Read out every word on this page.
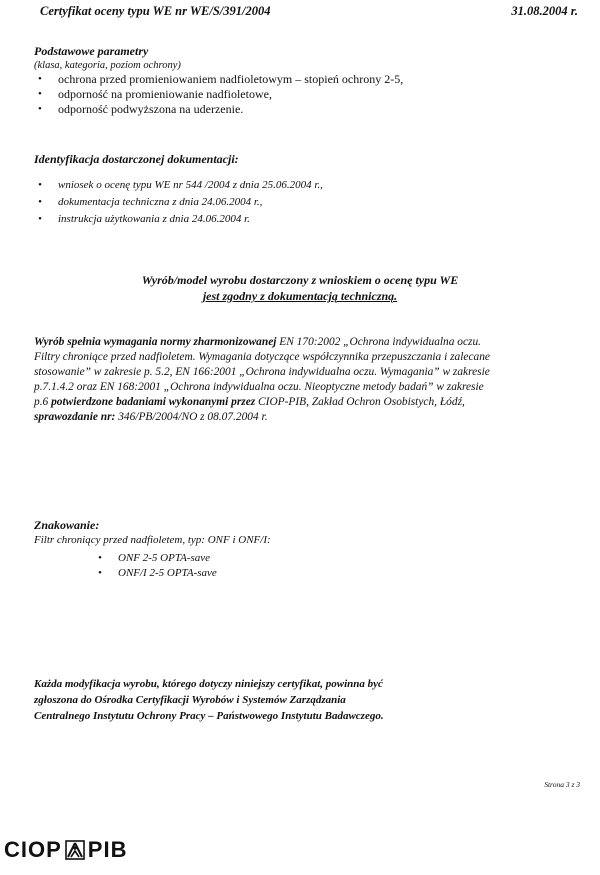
Certyfikat oceny typu WE nr WE/S/391/2004	31.08.2004 r.
Podstawowe parametry
(klasa, kategoria, poziom ochrony)
• ochrona przed promieniowaniem nadfioletowym – stopień ochrony 2-5,
• odporność na promieniowanie nadfioletowe,
• odporność podwyższona na uderzenie.
Identyfikacja dostarczonej dokumentacji:
• wniosek o ocenę typu WE nr 544 /2004 z dnia 25.06.2004 r.,
• dokumentacja techniczna z dnia 24.06.2004 r.,
• instrukcja użytkowania z dnia 24.06.2004 r.
Wyrób/model wyrobu dostarczony z wnioskiem o ocenę typu WE
jest zgodny z dokumentacją techniczną.
Wyrób spełnia wymagania normy zharmonizowanej EN 170:2002 „Ochrona indywidualna oczu.
Filtry chroniące przed nadfioletem. Wymagania dotyczące współczynnika przepuszczania i zalecane
stosowanie” w zakresie p. 5.2, EN 166:2001 „Ochrona indywidualna oczu. Wymagania” w zakresie
p.7.1.4.2 oraz EN 168:2001 „Ochrona indywidualna oczu. Nieoptyczne metody badań” w zakresie
p.6 potwierdzone badaniami wykonanymi przez CIOP-PIB, Zakład Ochron Osobistych, Łódź,
sprawozdanie nr: 346/PB/2004/NO z 08.07.2004 r.
Znakowanie:
Filtr chroniący przed nadfioletem, typ: ONF i ONF/I:
• ONF 2-5 OPTA-save
• ONF/I 2-5 OPTA-save
Każda modyfikacja wyrobu, którego dotyczy niniejszy certyfikat, powinna być
zgłoszona do Ośrodka Certyfikacji Wyrobów i Systemów Zarządzania
Centralnego Instytutu Ochrony Pracy – Państwowego Instytutu Badawczego.
Strona 3 z 3
CIOP PIB
